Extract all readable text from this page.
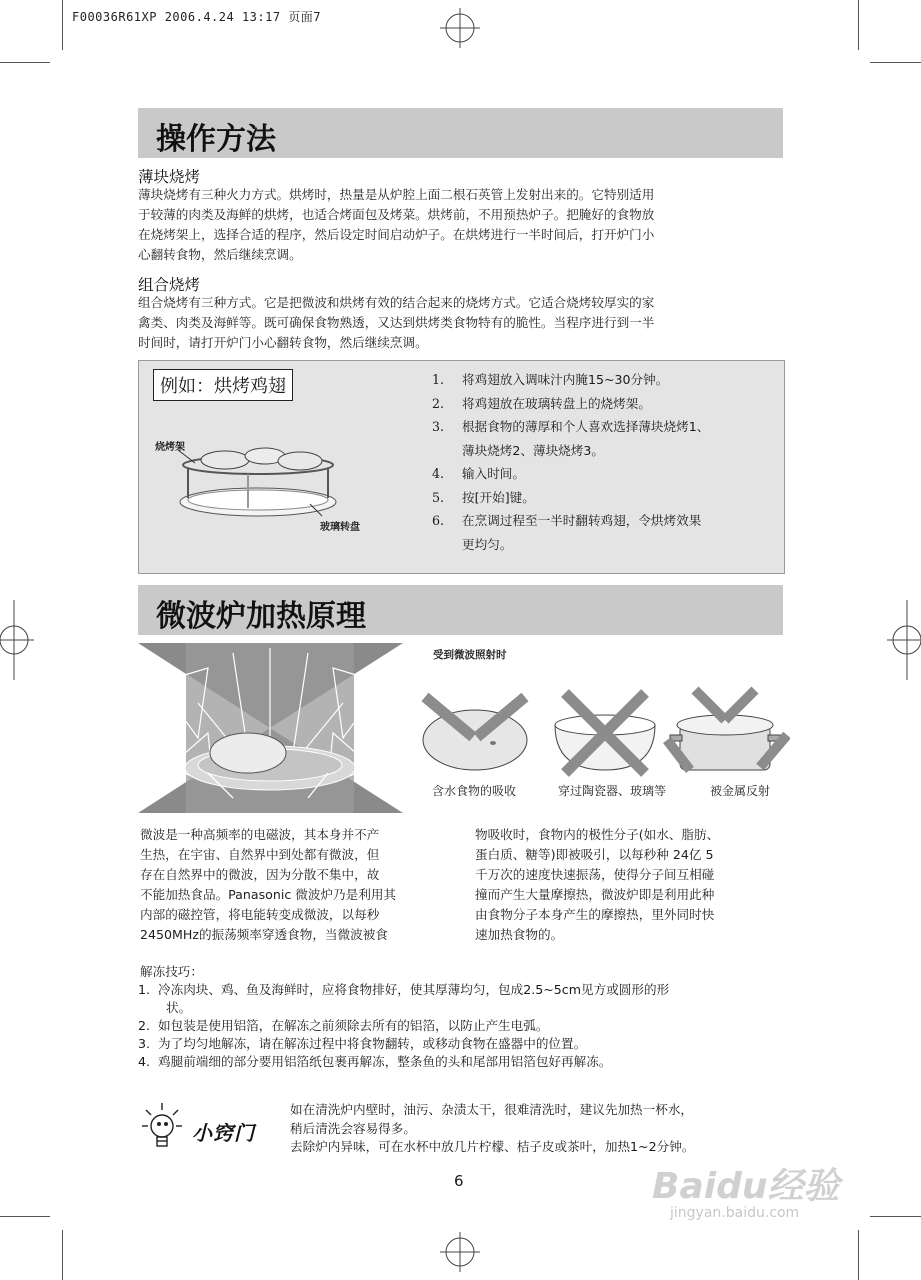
F00036R61XP 2006.4.24 13:17 页面7
操作方法
薄块烧烤
薄块烧烤有三种火力方式。烘烤时，热量是从炉腔上面二根石英管上发射出来的。它特别适用
于较薄的肉类及海鲜的烘烤，也适合烤面包及烤菜。烘烤前，不用预热炉子。把腌好的食物放
在烧烤架上，选择合适的程序，然后设定时间启动炉子。在烘烤进行一半时间后，打开炉门小
心翻转食物，然后继续烹调。
组合烧烤
组合烧烤有三种方式。它是把微波和烘烤有效的结合起来的烧烤方式。它适合烧烤较厚实的家
禽类、肉类及海鲜等。既可确保食物熟透，又达到烘烤类食物特有的脆性。当程序进行到一半
时间时，请打开炉门小心翻转食物，然后继续烹调。
例如：烘烤鸡翅
烧烤架
玻璃转盘
1.	将鸡翅放入调味汁内腌15~30分钟。
2.	将鸡翅放在玻璃转盘上的烧烤架。
3.	根据食物的薄厚和个人喜欢选择薄块烧烤1、
薄块烧烤2、薄块烧烤3。
4.	输入时间。
5.	按[开始]键。
6.	在烹调过程至一半时翻转鸡翅，令烘烤效果
更均匀。
微波炉加热原理
受到微波照射时
含水食物的吸收	穿过陶瓷器、玻璃等	被金属反射
微波是一种高频率的电磁波，其本身并不产
生热，在宇宙、自然界中到处都有微波，但
存在自然界中的微波，因为分散不集中，故
不能加热食品。Panasonic 微波炉乃是利用其
内部的磁控管，将电能转变成微波，以每秒
2450MHz的振荡频率穿透食物，当微波被食
物吸收时，食物内的极性分子(如水、脂肪、
蛋白质、糖等)即被吸引，以每秒种 24亿 5
千万次的速度快速振荡，使得分子间互相碰
撞而产生大量摩擦热，微波炉即是利用此种
由食物分子本身产生的摩擦热，里外同时快
速加热食物的。
解冻技巧：
1. 冷冻肉块、鸡、鱼及海鲜时，应将食物排好，使其厚薄均匀，包成2.5~5cm见方或圆形的形
状。
2. 如包装是使用铝箔，在解冻之前须除去所有的铝箔，以防止产生电弧。
3. 为了均匀地解冻，请在解冻过程中将食物翻转，或移动食物在盛器中的位置。
4. 鸡腿前端细的部分要用铝箔纸包裹再解冻，整条鱼的头和尾部用铝箔包好再解冻。
小窍门
如在清洗炉内壁时，油污、杂渍太干，很难清洗时，建议先加热一杯水，
稍后清洗会容易得多。
去除炉内异味，可在水杯中放几片柠檬、桔子皮或茶叶，加热1~2分钟。
6	Baidu经验
jingyan.baidu.com
